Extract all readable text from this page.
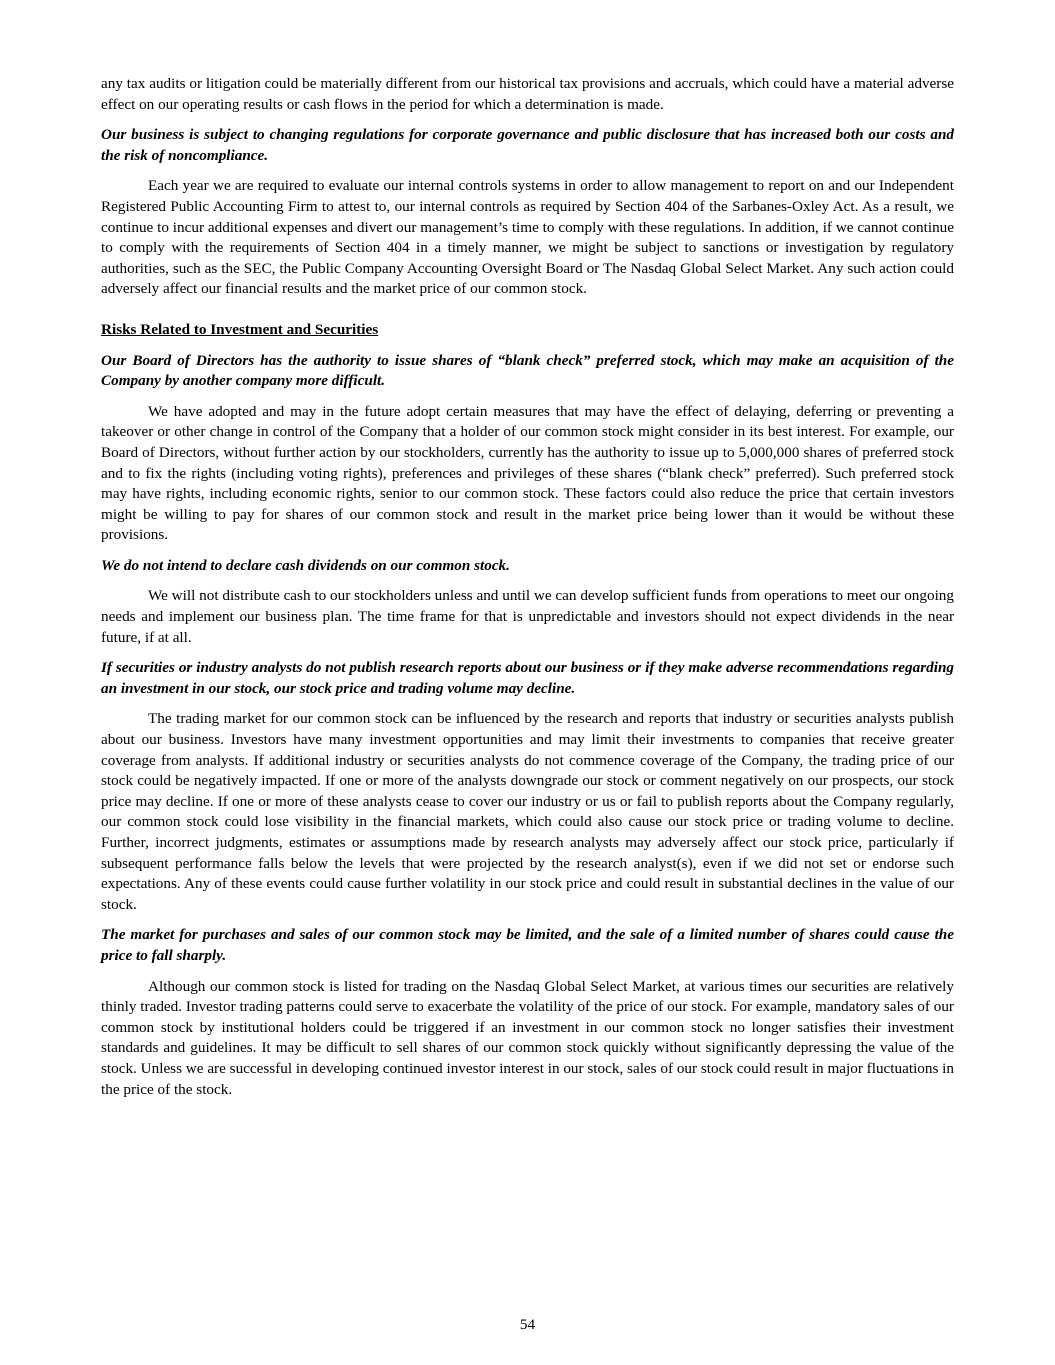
any tax audits or litigation could be materially different from our historical tax provisions and accruals, which could have a material adverse effect on our operating results or cash flows in the period for which a determination is made.

Our business is subject to changing regulations for corporate governance and public disclosure that has increased both our costs and the risk of noncompliance.

Each year we are required to evaluate our internal controls systems in order to allow management to report on and our Independent Registered Public Accounting Firm to attest to, our internal controls as required by Section 404 of the Sarbanes-Oxley Act. As a result, we continue to incur additional expenses and divert our management’s time to comply with these regulations. In addition, if we cannot continue to comply with the requirements of Section 404 in a timely manner, we might be subject to sanctions or investigation by regulatory authorities, such as the SEC, the Public Company Accounting Oversight Board or The Nasdaq Global Select Market. Any such action could adversely affect our financial results and the market price of our common stock.

Risks Related to Investment and Securities

Our Board of Directors has the authority to issue shares of “blank check” preferred stock, which may make an acquisition of the Company by another company more difficult.

We have adopted and may in the future adopt certain measures that may have the effect of delaying, deferring or preventing a takeover or other change in control of the Company that a holder of our common stock might consider in its best interest. For example, our Board of Directors, without further action by our stockholders, currently has the authority to issue up to 5,000,000 shares of preferred stock and to fix the rights (including voting rights), preferences and privileges of these shares (“blank check” preferred). Such preferred stock may have rights, including economic rights, senior to our common stock. These factors could also reduce the price that certain investors might be willing to pay for shares of our common stock and result in the market price being lower than it would be without these provisions.

We do not intend to declare cash dividends on our common stock.

We will not distribute cash to our stockholders unless and until we can develop sufficient funds from operations to meet our ongoing needs and implement our business plan. The time frame for that is unpredictable and investors should not expect dividends in the near future, if at all.

If securities or industry analysts do not publish research reports about our business or if they make adverse recommendations regarding an investment in our stock, our stock price and trading volume may decline.

The trading market for our common stock can be influenced by the research and reports that industry or securities analysts publish about our business. Investors have many investment opportunities and may limit their investments to companies that receive greater coverage from analysts. If additional industry or securities analysts do not commence coverage of the Company, the trading price of our stock could be negatively impacted. If one or more of the analysts downgrade our stock or comment negatively on our prospects, our stock price may decline. If one or more of these analysts cease to cover our industry or us or fail to publish reports about the Company regularly, our common stock could lose visibility in the financial markets, which could also cause our stock price or trading volume to decline. Further, incorrect judgments, estimates or assumptions made by research analysts may adversely affect our stock price, particularly if subsequent performance falls below the levels that were projected by the research analyst(s), even if we did not set or endorse such expectations. Any of these events could cause further volatility in our stock price and could result in substantial declines in the value of our stock.

The market for purchases and sales of our common stock may be limited, and the sale of a limited number of shares could cause the price to fall sharply.

Although our common stock is listed for trading on the Nasdaq Global Select Market, at various times our securities are relatively thinly traded. Investor trading patterns could serve to exacerbate the volatility of the price of our stock. For example, mandatory sales of our common stock by institutional holders could be triggered if an investment in our common stock no longer satisfies their investment standards and guidelines. It may be difficult to sell shares of our common stock quickly without significantly depressing the value of the stock. Unless we are successful in developing continued investor interest in our stock, sales of our stock could result in major fluctuations in the price of the stock.

54
